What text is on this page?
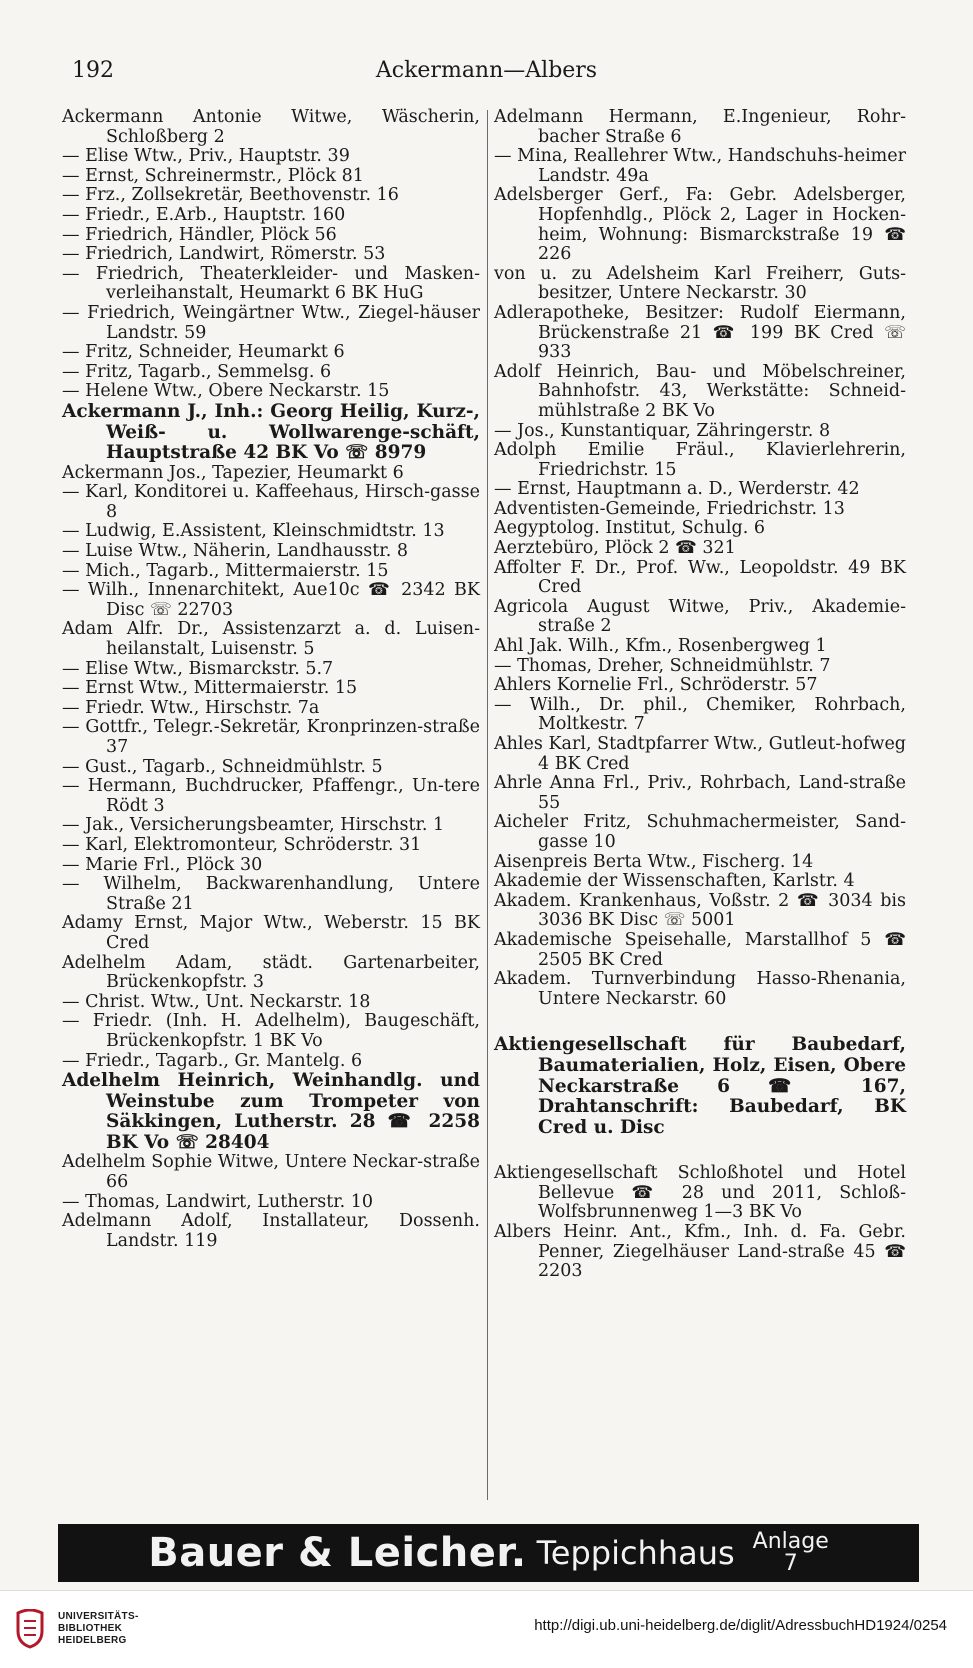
192	Ackermann—Albers
Ackermann Antonie Witwe, Wäscherin, Schloßberg 2
— Elise Wtw., Priv., Hauptstr. 39
— Ernst, Schreinermstr., Plöck 81
— Frz., Zollsekretär, Beethovenstr. 16
— Friedr., E.Arb., Hauptstr. 160
— Friedrich, Händler, Plöck 56
— Friedrich, Landwirt, Römerstr. 53
— Friedrich, Theaterkleider- und Masken-verleihanstalt, Heumarkt 6 BK HuG
— Friedrich, Weingärtner Wtw., Ziegel-häuser Landstr. 59
— Fritz, Schneider, Heumarkt 6
— Fritz, Tagarb., Semmelsg. 6
— Helene Wtw., Obere Neckarstr. 15
Ackermann J., Inh.: Georg Heilig, Kurz-, Weiß- u. Wollwarenge-schäft, Hauptstraße 42 BK Vo ☏ 8979
Ackermann Jos., Tapezier, Heumarkt 6
— Karl, Konditorei u. Kaffeehaus, Hirsch-gasse 8
— Ludwig, E.Assistent, Kleinschmidtstr. 13
— Luise Wtw., Näherin, Landhausstr. 8
— Mich., Tagarb., Mittermaierstr. 15
— Wilh., Innenarchitekt, Aue10c ☎ 2342 BK Disc ☏ 22703
Adam Alfr. Dr., Assistenzarzt a. d. Luisen-heilanstalt, Luisenstr. 5
— Elise Wtw., Bismarckstr. 5.7
— Ernst Wtw., Mittermaierstr. 15
— Friedr. Wtw., Hirschstr. 7a
— Gottfr., Telegr.-Sekretär, Kronprinzen-straße 37
— Gust., Tagarb., Schneidmühlstr. 5
— Hermann, Buchdrucker, Pfaffengr., Un-tere Rödt 3
— Jak., Versicherungsbeamter, Hirschstr. 1
— Karl, Elektromonteur, Schröderstr. 31
— Marie Frl., Plöck 30
— Wilhelm, Backwarenhandlung, Untere Straße 21
Adamy Ernst, Major Wtw., Weberstr. 15 BK Cred
Adelhelm Adam, städt. Gartenarbeiter, Brückenkopfstr. 3
— Christ. Wtw., Unt. Neckarstr. 18
— Friedr. (Inh. H. Adelhelm), Baugeschäft, Brückenkopfstr. 1 BK Vo
— Friedr., Tagarb., Gr. Mantelg. 6
Adelhelm Heinrich, Weinhandlg. und Weinstube zum Trompeter von Säkkingen, Lutherstr. 28 ☎ 2258 BK Vo ☏ 28404
Adelhelm Sophie Witwe, Untere Neckar-straße 66
— Thomas, Landwirt, Lutherstr. 10
Adelmann Adolf, Installateur, Dossenh. Landstr. 119
Adelmann Hermann, E.Ingenieur, Rohr-bacher Straße 6
— Mina, Reallehrer Wtw., Handschuhs-heimer Landstr. 49a
Adelsberger Gerf., Fa: Gebr. Adelsberger, Hopfenhdlg., Plöck 2, Lager in Hocken-heim, Wohnung: Bismarckstraße 19 ☎ 226
von u. zu Adelsheim Karl Freiherr, Guts-besitzer, Untere Neckarstr. 30
Adlerapotheke, Besitzer: Rudolf Eiermann, Brückenstraße 21 ☎ 199 BK Cred ☏ 933
Adolf Heinrich, Bau- und Möbelschreiner, Bahnhofstr. 43, Werkstätte: Schneid-mühlstraße 2 BK Vo
— Jos., Kunstantiquar, Zähringerstr. 8
Adolph Emilie Fräul., Klavierlehrerin, Friedrichstr. 15
— Ernst, Hauptmann a. D., Werderstr. 42
Adventisten-Gemeinde, Friedrichstr. 13
Aegyptolog. Institut, Schulg. 6
Aerztebüro, Plöck 2 ☎ 321
Affolter F. Dr., Prof. Ww., Leopoldstr. 49 BK Cred
Agricola August Witwe, Priv., Akademie-straße 2
Ahl Jak. Wilh., Kfm., Rosenbergweg 1
— Thomas, Dreher, Schneidmühlstr. 7
Ahlers Kornelie Frl., Schröderstr. 57
— Wilh., Dr. phil., Chemiker, Rohrbach, Moltkestr. 7
Ahles Karl, Stadtpfarrer Wtw., Gutleut-hofweg 4 BK Cred
Ahrle Anna Frl., Priv., Rohrbach, Land-straße 55
Aicheler Fritz, Schuhmachermeister, Sand-gasse 10
Aisenpreis Berta Wtw., Fischerg. 14
Akademie der Wissenschaften, Karlstr. 4
Akadem. Krankenhaus, Voßstr. 2 ☎ 3034 bis 3036 BK Disc ☏ 5001
Akademische Speisehalle, Marstallhof 5 ☎ 2505 BK Cred
Akadem. Turnverbindung Hasso-Rhenania, Untere Neckarstr. 60
Aktiengesellschaft für Baubedarf, Baumaterialien, Holz, Eisen, Obere Neckarstraße 6 ☎ 167, Drahtanschrift: Baubedarf, BK Cred u. Disc
Aktiengesellschaft Schloßhotel und Hotel Bellevue ☎ 28 und 2011, Schloß-Wolfsbrunnenweg 1—3 BK Vo
Albers Heinr. Ant., Kfm., Inh. d. Fa. Gebr. Penner, Ziegelhäuser Land-straße 45 ☎ 2203
Bauer & Leicher. Teppichhaus Anlage
7
UNIVERSITÄTS-
BIBLIOTHEK
HEIDELBERG
http://digi.ub.uni-heidelberg.de/diglit/AdressbuchHD1924/0254
